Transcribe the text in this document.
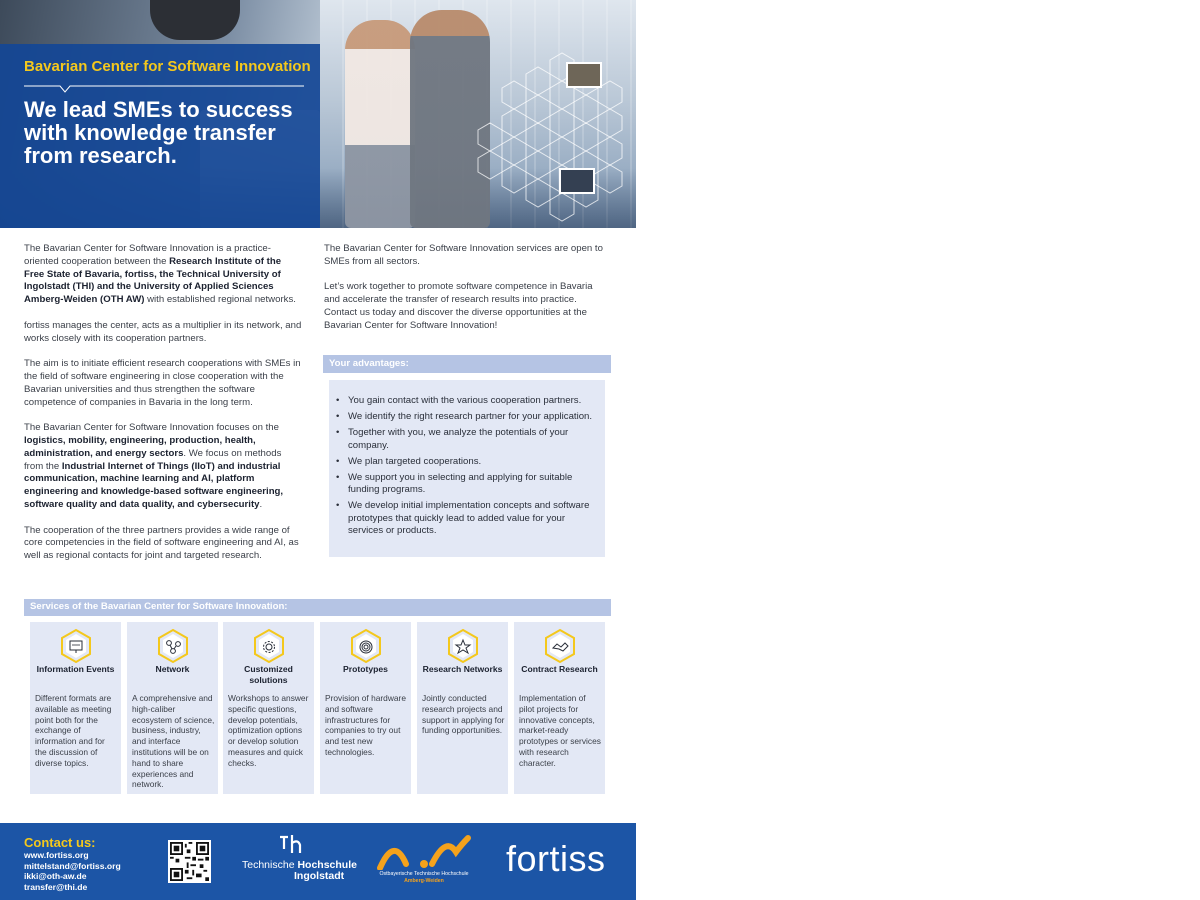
Bavarian Center for Software Innovation
We lead SMEs to success with knowledge transfer from research.

The Bavarian Center for Software Innovation is a practice-oriented cooperation between the Research Institute of the Free State of Bavaria, fortiss, the Technical University of Ingolstadt (THI) and the University of Applied Sciences Amberg-Weiden (OTH AW) with established regional networks.

fortiss manages the center, acts as a multiplier in its network, and works closely with its cooperation partners.

The aim is to initiate efficient research cooperations with SMEs in the field of software engineering in close cooperation with the Bavarian universities and thus strengthen the software competence of companies in Bavaria in the long term.

The Bavarian Center for Software Innovation focuses on the logistics, mobility, engineering, production, health, administration, and energy sectors. We focus on methods from the Industrial Internet of Things (IIoT) and industrial communication, machine learning and AI, platform engineering and knowledge-based software engineering, software quality and data quality, and cybersecurity.

The cooperation of the three partners provides a wide range of core competencies in the field of software engineering and AI, as well as regional contacts for joint and targeted research.

The Bavarian Center for Software Innovation services are open to SMEs from all sectors.

Let’s work together to promote software competence in Bavaria and accelerate the transfer of research results into practice. Contact us today and discover the diverse opportunities at the Bavarian Center for Software Innovation!

Your advantages:
• You gain contact with the various cooperation partners.
• We identify the right research partner for your application.
• Together with you, we analyze the potentials of your company.
• We plan targeted cooperations.
• We support you in selecting and applying for suitable funding programs.
• We develop initial implementation concepts and software prototypes that quickly lead to added value for your services or products.
Services of the Bavarian Center for Software Innovation:
Information Events
Different formats are available as meeting point both for the exchange of information and for the discussion of diverse topics.
Network
A comprehensive and high-caliber ecosystem of science, business, industry, and interface institutions will be on hand to share experiences and network.
Customized solutions
Workshops to answer specific questions, develop potentials, optimization options or develop solution measures and quick checks.
Prototypes
Provision of hardware and software infrastructures for companies to try out and test new technologies.
Research Networks
Jointly conducted research projects and support in applying for funding opportunities.
Contract Research
Implementation of pilot projects for innovative concepts, market-ready prototypes or services with research character.
Contact us:
www.fortiss.org
mittelstand@fortiss.org
ikki@oth-aw.de
transfer@thi.de
Technische Hochschule
Ingolstadt	Ostbayerische Technische Hochschule
Amberg-Weiden
fortiss
